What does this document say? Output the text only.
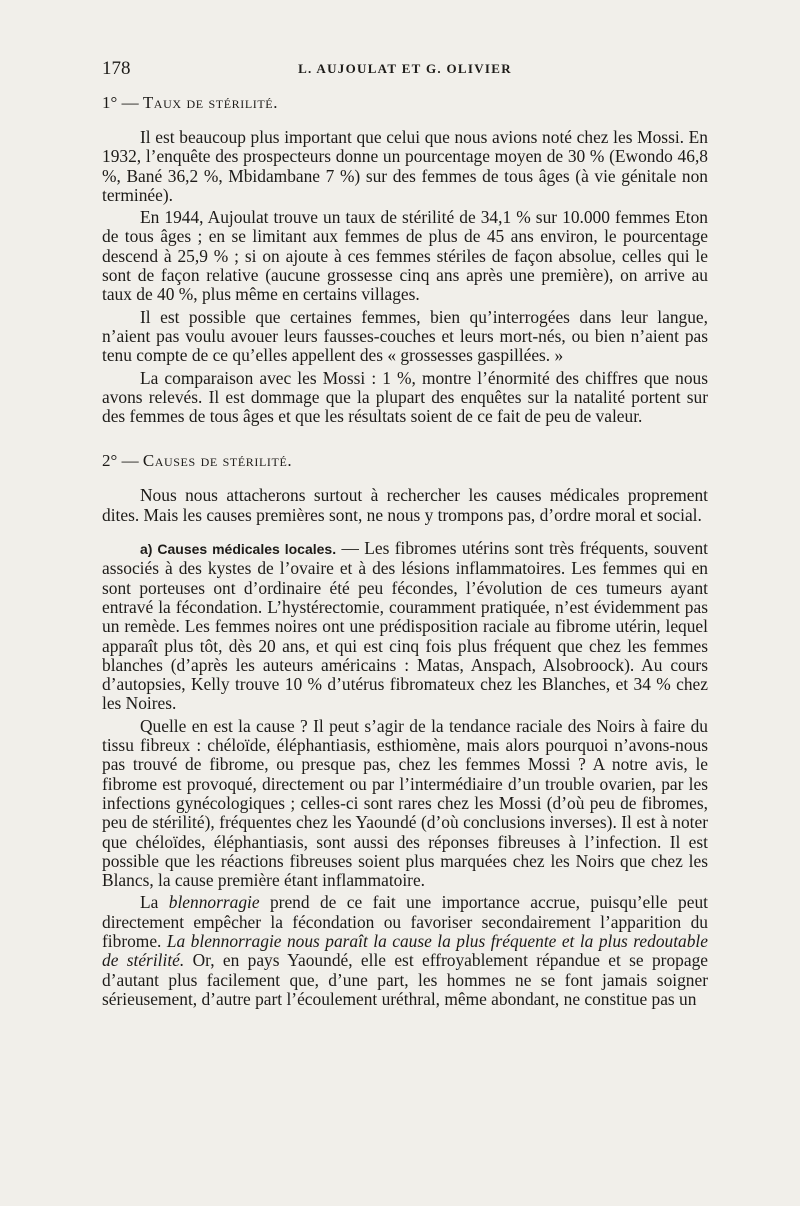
178	L. AUJOULAT ET G. OLIVIER
1° — Taux de stérilité.

Il est beaucoup plus important que celui que nous avions noté chez les Mossi. En 1932, l’enquête des prospecteurs donne un pourcentage moyen de 30 % (Ewondo 46,8 %, Bané 36,2 %, Mbidambane 7 %) sur des femmes de tous âges (à vie génitale non terminée).

En 1944, Aujoulat trouve un taux de stérilité de 34,1 % sur 10.000 femmes Eton de tous âges ; en se limitant aux femmes de plus de 45 ans environ, le pourcentage descend à 25,9 % ; si on ajoute à ces femmes stériles de façon absolue, celles qui le sont de façon relative (aucune grossesse cinq ans après une première), on arrive au taux de 40 %, plus même en certains villages.

Il est possible que certaines femmes, bien qu’interrogées dans leur langue, n’aient pas voulu avouer leurs fausses-couches et leurs mort-nés, ou bien n’aient pas tenu compte de ce qu’elles appellent des « grossesses gaspillées. »

La comparaison avec les Mossi : 1 %, montre l’énormité des chiffres que nous avons relevés. Il est dommage que la plupart des enquêtes sur la natalité portent sur des femmes de tous âges et que les résultats soient de ce fait de peu de valeur.

2° — Causes de stérilité.

Nous nous attacherons surtout à rechercher les causes médicales proprement dites. Mais les causes premières sont, ne nous y trompons pas, d’ordre moral et social.

a) Causes médicales locales. — Les fibromes utérins sont très fréquents, souvent associés à des kystes de l’ovaire et à des lésions inflammatoires. Les femmes qui en sont porteuses ont d’ordinaire été peu fécondes, l’évolution de ces tumeurs ayant entravé la fécondation. L’hystérectomie, couramment pratiquée, n’est évidemment pas un remède. Les femmes noires ont une prédisposition raciale au fibrome utérin, lequel apparaît plus tôt, dès 20 ans, et qui est cinq fois plus fréquent que chez les femmes blanches (d’après les auteurs américains : Matas, Anspach, Alsobroock). Au cours d’autopsies, Kelly trouve 10 % d’utérus fibromateux chez les Blanches, et 34 % chez les Noires.

Quelle en est la cause ? Il peut s’agir de la tendance raciale des Noirs à faire du tissu fibreux : chéloïde, éléphantiasis, esthiomène, mais alors pourquoi n’avons-nous pas trouvé de fibrome, ou presque pas, chez les femmes Mossi ? A notre avis, le fibrome est provoqué, directement ou par l’intermédiaire d’un trouble ovarien, par les infections gynécologiques ; celles-ci sont rares chez les Mossi (d’où peu de fibromes, peu de stérilité), fréquentes chez les Yaoundé (d’où conclusions inverses). Il est à noter que chéloïdes, éléphantiasis, sont aussi des réponses fibreuses à l’infection. Il est possible que les réactions fibreuses soient plus marquées chez les Noirs que chez les Blancs, la cause première étant inflammatoire.

La blennorragie prend de ce fait une importance accrue, puisqu’elle peut directement empêcher la fécondation ou favoriser secondairement l’apparition du fibrome. La blennorragie nous paraît la cause la plus fréquente et la plus redoutable de stérilité. Or, en pays Yaoundé, elle est effroyablement répandue et se propage d’autant plus facilement que, d’une part, les hommes ne se font jamais soigner sérieusement, d’autre part l’écoulement uréthral, même abondant, ne constitue pas un
